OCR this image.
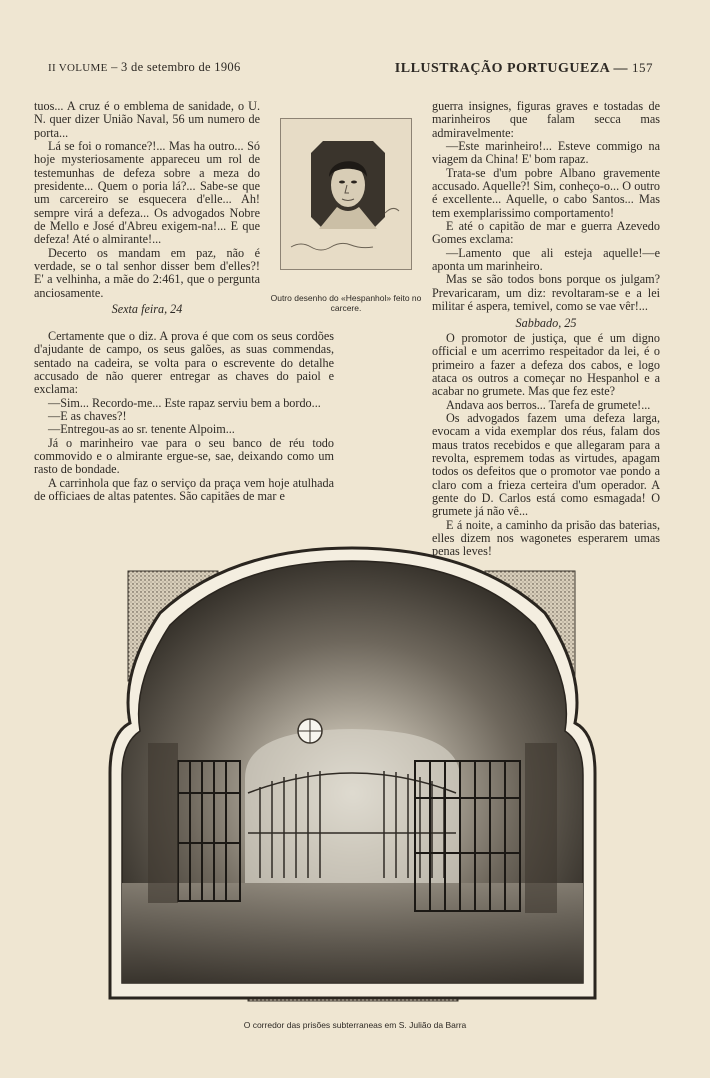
II VOLUME – 3 de setembro de 1906	ILLUSTRAÇÃO PORTUGUEZA — 157

tuos... A cruz é o emblema de sanidade, o U. N. quer dizer União Naval, 56 um numero de porta...

Lá se foi o romance?!... Mas ha outro... Só hoje mysteriosamente appareceu um rol de testemunhas de defeza sobre a meza do presidente... Quem o poria lá?... Sabe-se que um carcereiro se esquecera d'elle... Ah! sempre virá a defeza... Os advogados Nobre de Mello e José d'Abreu exigem-na!... E que defeza! Até o almirante!...

Decerto os mandam em paz, não é verdade, se o tal senhor disser bem d'elles?! E' a velhinha, a mãe do 2:461, que o pergunta anciosamente.

Sexta feira, 24

Outro desenho do «Hespanhol» feito no carcere.

Certamente que o diz. A prova é que com os seus cordões d'ajudante de campo, os seus galões, as suas commendas, sentado na cadeira, se volta para o escrevente do detalhe accusado de não querer entregar as chaves do paiol e exclama:

—Sim... Recordo-me... Este rapaz serviu bem a bordo...

—E as chaves?!

—Entregou-as ao sr. tenente Alpoim...

Já o marinheiro vae para o seu banco de réu todo commovido e o almirante ergue-se, sae, deixando como um rasto de bondade.

A carrinhola que faz o serviço da praça vem hoje atulhada de officiaes de altas patentes. São capitães de mar e

guerra insignes, figuras graves e tostadas de marinheiros que falam secca mas admiravelmente:

—Este marinheiro!... Esteve commigo na viagem da China! E' bom rapaz.

Trata-se d'um pobre Albano gravemente accusado. Aquelle?! Sim, conheço-o... O outro é excellente... Aquelle, o cabo Santos... Mas tem exemplarissimo comportamento!

E até o capitão de mar e guerra Azevedo Gomes exclama:

—Lamento que ali esteja aquelle!—e aponta um marinheiro.

Mas se são todos bons porque os julgam? Prevaricaram, um diz: revoltaram-se e a lei militar é aspera, temivel, como se vae vêr!...

Sabbado, 25

O promotor de justiça, que é um digno official e um acerrimo respeitador da lei, é o primeiro a fazer a defeza dos cabos, e logo ataca os outros a começar no Hespanhol e a acabar no grumete. Mas que fez este?

Andava aos berros... Tarefa de grumete!...

Os advogados fazem uma defeza larga, evocam a vida exemplar dos réus, falam dos maus tratos recebidos e que allegaram para a revolta, espremem todas as virtudes, apagam todos os defeitos que o promotor vae pondo a claro com a frieza certeira d'um operador. A gente do D. Carlos está como esmagada! O grumete já não vê...

E á noite, a caminho da prisão das baterias, elles dizem nos wagonetes esperarem umas penas leves!

O corredor das prisões subterraneas em S. Julião da Barra
